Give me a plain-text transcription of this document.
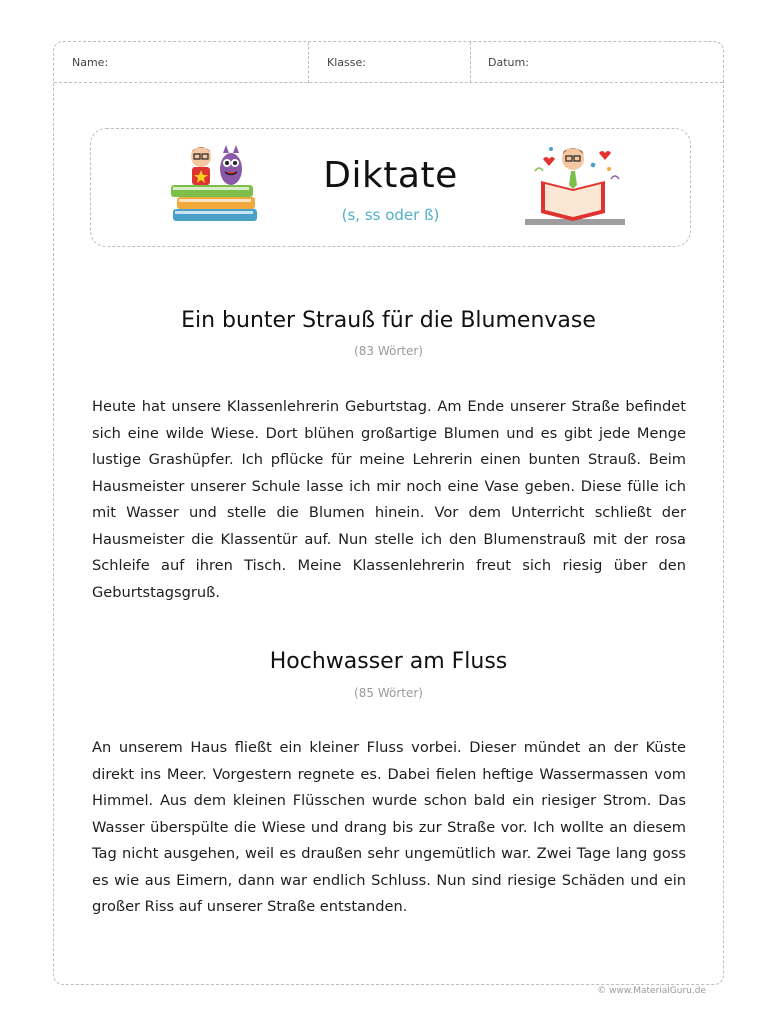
Name:	Klasse:	Datum:
Diktate
(s, ss oder ß)
Ein bunter Strauß für die Blumenvase
(83 Wörter)

Heute hat unsere Klassenlehrerin Geburtstag. Am Ende unserer Straße befindet sich eine wilde Wiese. Dort blühen großartige Blumen und es gibt jede Menge lustige Grashüpfer. Ich pflücke für meine Lehrerin einen bunten Strauß. Beim Hausmeister unserer Schule lasse ich mir noch eine Vase geben. Diese fülle ich mit Wasser und stelle die Blumen hinein. Vor dem Unterricht schließt der Hausmeister die Klassentür auf. Nun stelle ich den Blumenstrauß mit der rosa Schleife auf ihren Tisch. Meine Klassenlehrerin freut sich riesig über den Geburtstagsgruß.

Hochwasser am Fluss
(85 Wörter)

An unserem Haus fließt ein kleiner Fluss vorbei. Dieser mündet an der Küste direkt ins Meer. Vorgestern regnete es. Dabei fielen heftige Wassermassen vom Himmel. Aus dem kleinen Flüsschen wurde schon bald ein riesiger Strom. Das Wasser überspülte die Wiese und drang bis zur Straße vor. Ich wollte an diesem Tag nicht ausgehen, weil es draußen sehr ungemütlich war. Zwei Tage lang goss es wie aus Eimern, dann war endlich Schluss. Nun sind riesige Schäden und ein großer Riss auf unserer Straße entstanden.

© www.MaterialGuru.de
